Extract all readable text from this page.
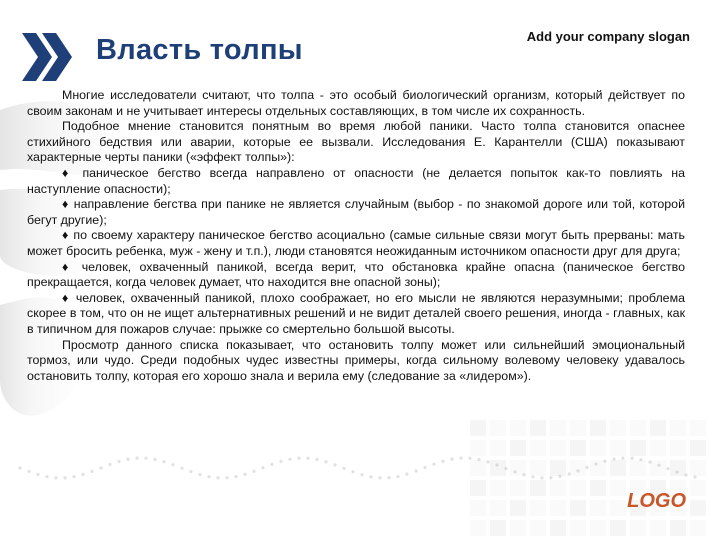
Власть толпы	Add your company slogan

Многие исследователи считают, что толпа - это особый биологический организм, который действует по своим законам и не учитывает интересы отдельных составляющих, в том числе их сохранность.

Подобное мнение становится понятным во время любой паники. Часто толпа становится опаснее стихийного бедствия или аварии, которые ее вызвали. Исследования Е. Карантелли (США) показывают характерные черты паники («эффект толпы»):

♦ паническое бегство всегда направлено от опасности (не делается попыток как-то повлиять на наступление опасности);

♦ направление бегства при панике не является случайным (выбор - по знакомой дороге или той, которой бегут другие);

♦ по своему характеру паническое бегство асоциально (самые сильные связи могут быть прерваны: мать может бросить ребенка, муж - жену и т.п.), люди становятся неожиданным источником опасности друг для друга;

♦ человек, охваченный паникой, всегда верит, что обстановка крайне опасна (паническое бегство прекращается, когда человек думает, что находится вне опасной зоны);

♦ человек, охваченный паникой, плохо соображает, но его мысли не являются неразумными; проблема скорее в том, что он не ищет альтернативных решений и не видит деталей своего решения, иногда - главных, как в типичном для пожаров случае: прыжке со смертельно большой высоты.

Просмотр данного списка показывает, что остановить толпу может или сильнейший эмоциональный тормоз, или чудо. Среди подобных чудес известны примеры, когда сильному волевому человеку удавалось остановить толпу, которая его хорошо знала и верила ему (следование за «лидером»).

LOGO
